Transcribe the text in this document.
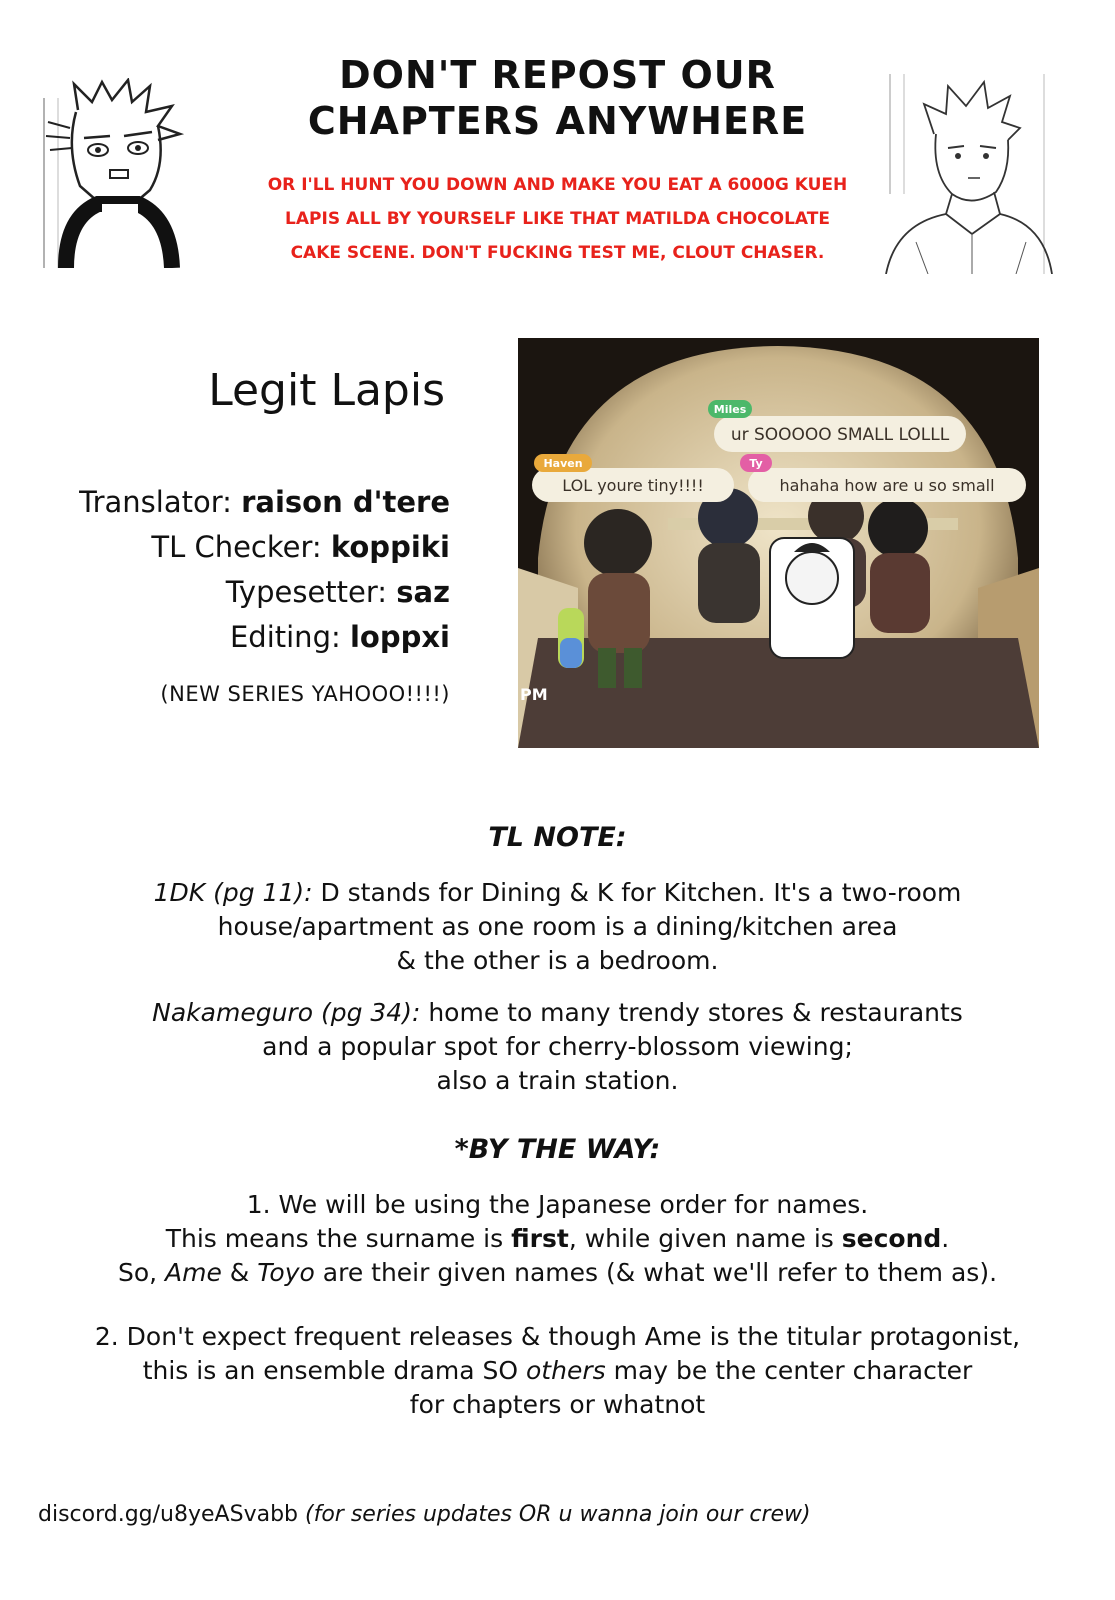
DON'T REPOST OUR
CHAPTERS ANYWHERE
OR I'LL HUNT YOU DOWN AND MAKE YOU EAT A 6000G KUEH
LAPIS ALL BY YOURSELF LIKE THAT MATILDA CHOCOLATE
CAKE SCENE. DON'T FUCKING TEST ME, CLOUT CHASER.
Legit Lapis
Translator: raison d'tere
TL Checker: koppiki
Typesetter: saz
Editing: loppxi
(NEW SERIES YAHOOO!!!!)
Miles
ur SOOOOO SMALL LOLLL
Haven
LOL youre tiny!!!!
Ty
hahaha how are u so small
PM
TL NOTE:
1DK (pg 11): D stands for Dining & K for Kitchen. It's a two-room
house/apartment as one room is a dining/kitchen area
& the other is a bedroom.
Nakameguro (pg 34): home to many trendy stores & restaurants
and a popular spot for cherry-blossom viewing;
also a train station.
*BY THE WAY:
1. We will be using the Japanese order for names.
This means the surname is first, while given name is second.
So, Ame & Toyo are their given names (& what we'll refer to them as).
2. Don't expect frequent releases & though Ame is the titular protagonist,
this is an ensemble drama SO others may be the center character
for chapters or whatnot
discord.gg/u8yeASvabb (for series updates OR u wanna join our crew)
